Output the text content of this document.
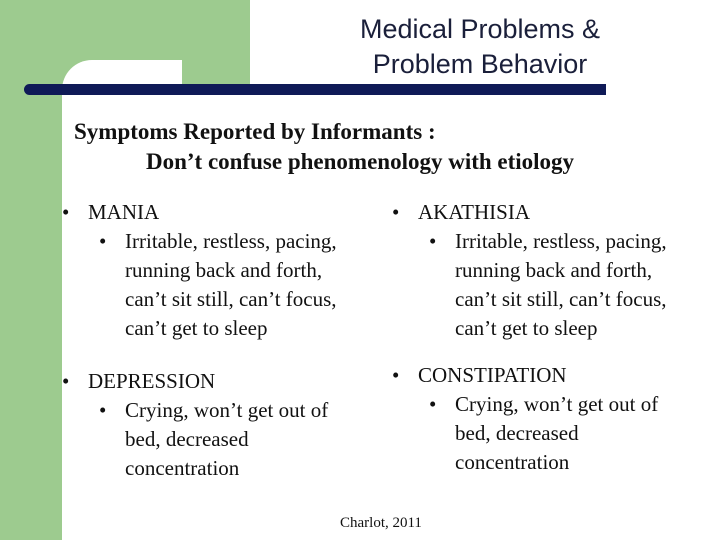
Medical Problems &
Problem Behavior
Symptoms Reported by Informants :
Don’t confuse phenomenology with etiology
• MANIA
• Irritable, restless, pacing,
running back and forth,
can’t sit still, can’t focus,
can’t get to sleep
• AKATHISIA
• Irritable, restless, pacing,
running back and forth,
can’t sit still, can’t focus,
can’t get to sleep
• DEPRESSION
• Crying, won’t get out of
bed, decreased
concentration
• CONSTIPATION
• Crying, won’t get out of
bed, decreased
concentration
Charlot, 2011
